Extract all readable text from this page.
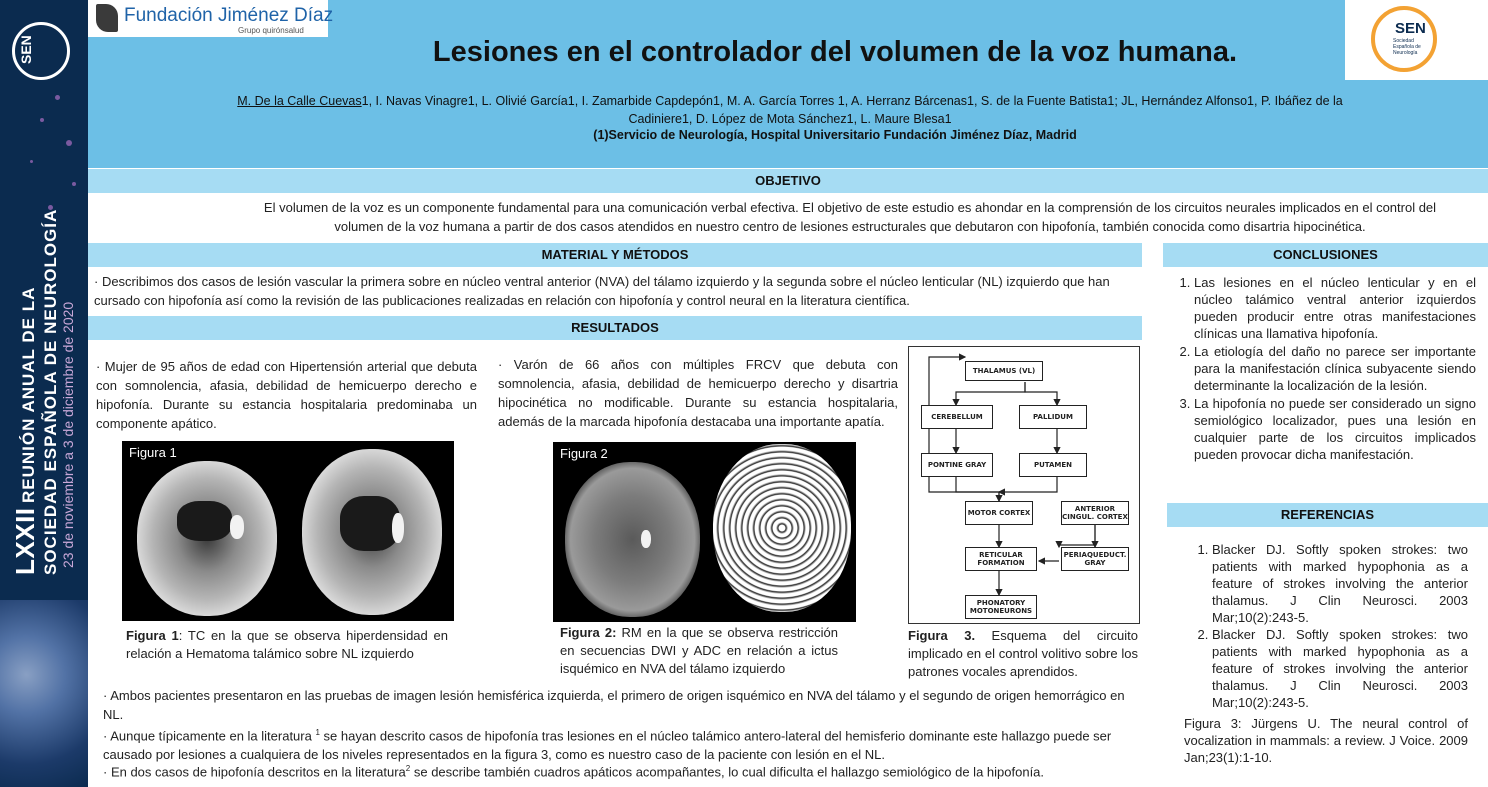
SEN
LXXII REUNIÓN ANUAL DE LA SOCIEDAD ESPAÑOLA DE NEUROLOGÍA 23 de noviembre a 3 de diciembre de 2020
Fundación Jiménez Díaz
Grupo quirónsalud	SEN
Sociedad Española de Neurología
Lesiones en el controlador del volumen de la voz humana.
M. De la Calle Cuevas1, I. Navas Vinagre1, L. Olivié García1, I. Zamarbide Capdepón1, M. A. García Torres 1, A. Herranz Bárcenas1, S. de la Fuente Batista1; JL, Hernández Alfonso1, P. Ibáñez de la Cadiniere1, D. López de Mota Sánchez1, L. Maure Blesa1
(1)Servicio de Neurología, Hospital Universitario Fundación Jiménez Díaz, Madrid
OBJETIVO
El volumen de la voz es un componente fundamental para una comunicación verbal efectiva. El objetivo de este estudio es ahondar en la comprensión de los circuitos neurales implicados en el control del volumen de la voz humana a partir de dos casos atendidos en nuestro centro de lesiones estructurales que debutaron con hipofonía, también conocida como disartria hipocinética.
MATERIAL Y MÉTODOS
· Describimos dos casos de lesión vascular la primera sobre en núcleo ventral anterior (NVA) del tálamo izquierdo y la segunda sobre el núcleo lenticular (NL) izquierdo que han cursado con hipofonía así como la revisión de las publicaciones realizadas en relación con hipofonía y control neural en la literatura científica.
RESULTADOS
· Mujer de 95 años de edad con Hipertensión arterial que debuta con somnolencia, afasia, debilidad de hemicuerpo derecho e hipofonía. Durante su estancia hospitalaria predominaba un componente apático.
· Varón de 66 años con múltiples FRCV que debuta con somnolencia, afasia, debilidad de hemicuerpo derecho y disartria hipocinética no modificable. Durante su estancia hospitalaria, además de la marcada hipofonía destacaba una importante apatía.
Figura 1
Figura 1: TC en la que se observa hiperdensidad en relación a Hematoma talámico sobre NL izquierdo
Figura 2
Figura 2: RM en la que se observa restricción en secuencias DWI y ADC en relación a ictus isquémico en NVA del tálamo izquierdo
THALAMUS (VL)
CEREBELLUM	PALLIDUM
PONTINE GRAY	PUTAMEN
MOTOR CORTEX	ANTERIOR CINGUL. CORTEX
RETICULAR FORMATION
PERIAQUEDUCT. GRAY
PHONATORY MOTONEURONS
Figura 3. Esquema del circuito implicado en el control volitivo sobre los patrones vocales aprendidos.
· Ambos pacientes presentaron en las pruebas de imagen lesión hemisférica izquierda, el primero de origen isquémico en NVA del tálamo y el segundo de origen hemorrágico en NL.
· Aunque típicamente en la literatura $^1$ se hayan descrito casos de hipofonía tras lesiones en el núcleo talámico antero-lateral del hemisferio dominante este hallazgo puede ser causado por lesiones a cualquiera de los niveles representados en la figura 3, como es nuestro caso de la paciente con lesión en el NL.
· En dos casos de hipofonía descritos en la literatura$^2$ se describe también cuadros apáticos acompañantes, lo cual dificulta el hallazgo semiológico de la hipofonía.
CONCLUSIONES
1. Las lesiones en el núcleo lenticular y en el núcleo talámico ventral anterior izquierdos pueden producir entre otras manifestaciones clínicas una llamativa hipofonía.
2. La etiología del daño no parece ser importante para la manifestación clínica subyacente siendo determinante la localización de la lesión.
3. La hipofonía no puede ser considerado un signo semiológico localizador, pues una lesión en cualquier parte de los circuitos implicados pueden provocar dicha manifestación.
REFERENCIAS
1. Blacker DJ. Softly spoken strokes: two patients with marked hypophonia as a feature of strokes involving the anterior thalamus. J Clin Neurosci. 2003 Mar;10(2):243-5.
2. Blacker DJ. Softly spoken strokes: two patients with marked hypophonia as a feature of strokes involving the anterior thalamus. J Clin Neurosci. 2003 Mar;10(2):243-5.
Figura 3: Jürgens U. The neural control of vocalization in mammals: a review. J Voice. 2009 Jan;23(1):1-10.
